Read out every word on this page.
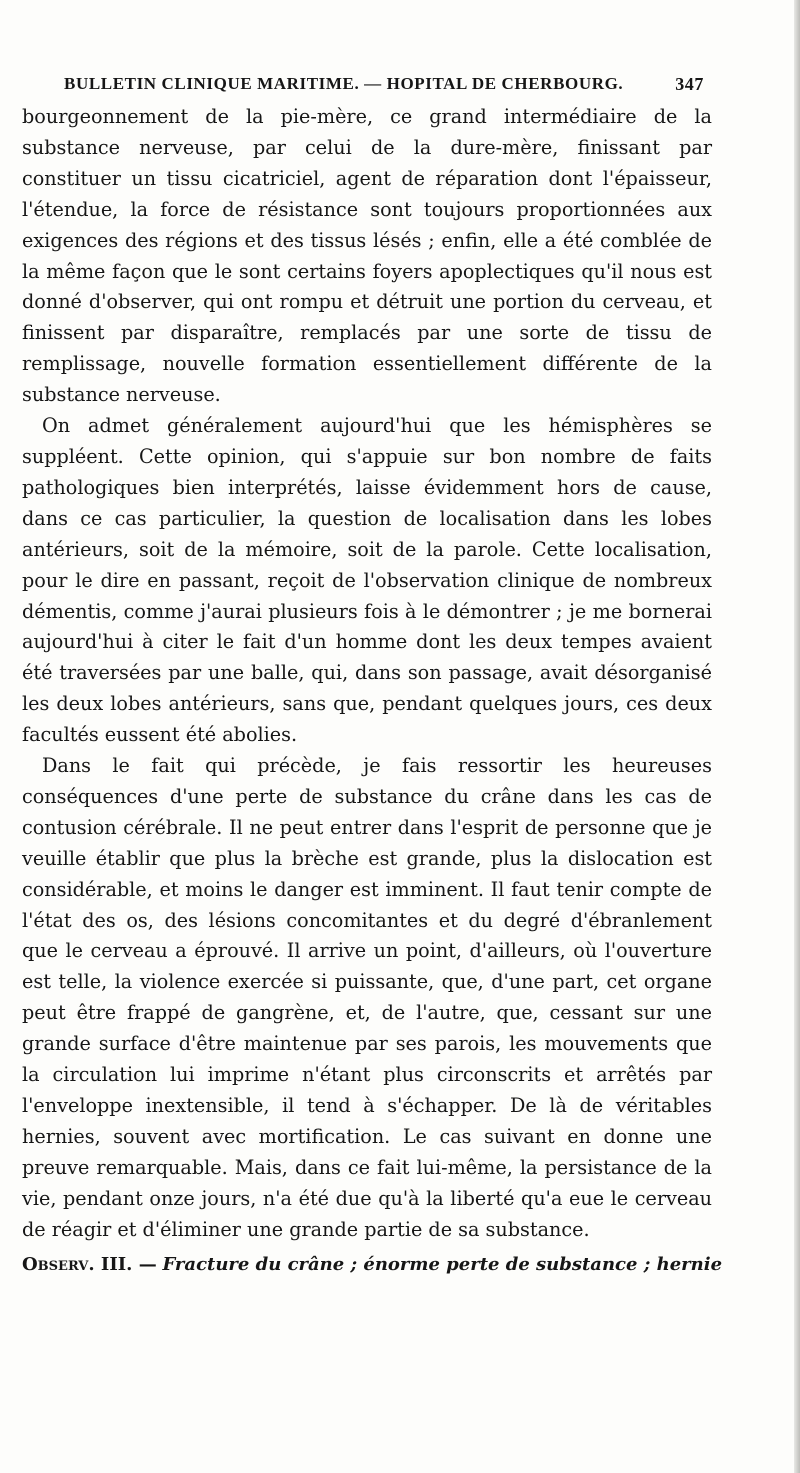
BULLETIN CLINIQUE MARITIME. — HOPITAL DE CHERBOURG.	347

bourgeonnement de la pie-mère, ce grand intermédiaire de la substance nerveuse, par celui de la dure-mère, finissant par constituer un tissu cicatriciel, agent de réparation dont l'épaisseur, l'étendue, la force de résistance sont toujours proportionnées aux exigences des régions et des tissus lésés ; enfin, elle a été comblée de la même façon que le sont certains foyers apoplectiques qu'il nous est donné d'observer, qui ont rompu et détruit une portion du cerveau, et finissent par disparaître, remplacés par une sorte de tissu de remplissage, nouvelle formation essentiellement différente de la substance nerveuse.

On admet généralement aujourd'hui que les hémisphères se suppléent. Cette opinion, qui s'appuie sur bon nombre de faits pathologiques bien interprétés, laisse évidemment hors de cause, dans ce cas particulier, la question de localisation dans les lobes antérieurs, soit de la mémoire, soit de la parole. Cette localisation, pour le dire en passant, reçoit de l'observation clinique de nombreux démentis, comme j'aurai plusieurs fois à le démontrer ; je me bornerai aujourd'hui à citer le fait d'un homme dont les deux tempes avaient été traversées par une balle, qui, dans son passage, avait désorganisé les deux lobes antérieurs, sans que, pendant quelques jours, ces deux facultés eussent été abolies.

Dans le fait qui précède, je fais ressortir les heureuses conséquences d'une perte de substance du crâne dans les cas de contusion cérébrale. Il ne peut entrer dans l'esprit de personne que je veuille établir que plus la brèche est grande, plus la dislocation est considérable, et moins le danger est imminent. Il faut tenir compte de l'état des os, des lésions concomitantes et du degré d'ébranlement que le cerveau a éprouvé. Il arrive un point, d'ailleurs, où l'ouverture est telle, la violence exercée si puissante, que, d'une part, cet organe peut être frappé de gangrène, et, de l'autre, que, cessant sur une grande surface d'être maintenue par ses parois, les mouvements que la circulation lui imprime n'étant plus circonscrits et arrêtés par l'enveloppe inextensible, il tend à s'échapper. De là de véritables hernies, souvent avec mortification. Le cas suivant en donne une preuve remarquable. Mais, dans ce fait lui-même, la persistance de la vie, pendant onze jours, n'a été due qu'à la liberté qu'a eue le cerveau de réagir et d'éliminer une grande partie de sa substance.

Observ. III. — Fracture du crâne ; énorme perte de substance ; hernie
